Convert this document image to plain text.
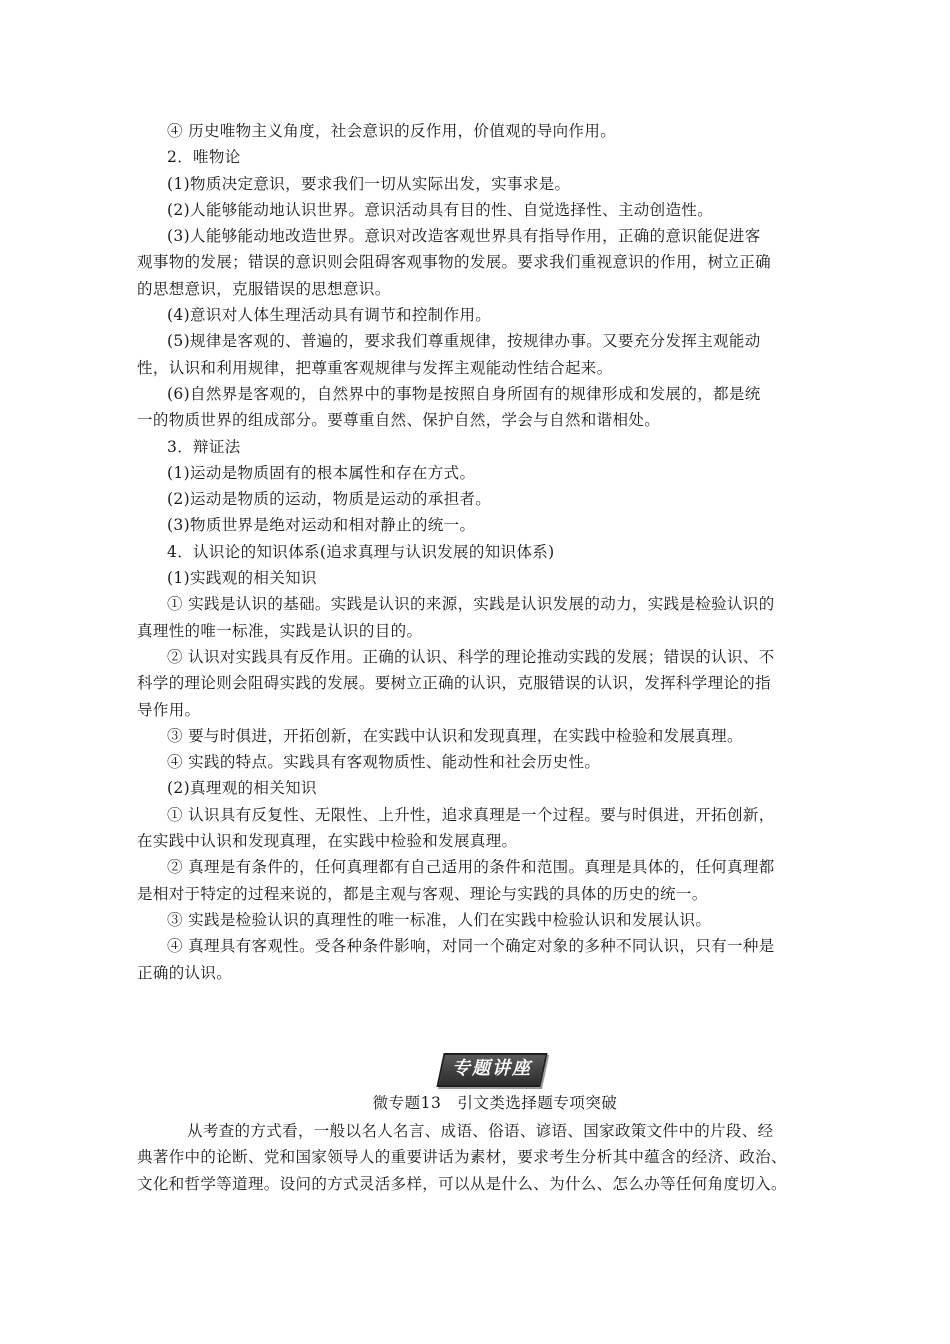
④ 历史唯物主义角度，社会意识的反作用，价值观的导向作用。
2．唯物论
(1)物质决定意识，要求我们一切从实际出发，实事求是。
(2)人能够能动地认识世界。意识活动具有目的性、自觉选择性、主动创造性。
(3)人能够能动地改造世界。意识对改造客观世界具有指导作用，正确的意识能促进客
观事物的发展；错误的意识则会阻碍客观事物的发展。要求我们重视意识的作用，树立正确
的思想意识，克服错误的思想意识。
(4)意识对人体生理活动具有调节和控制作用。
(5)规律是客观的、普遍的，要求我们尊重规律，按规律办事。又要充分发挥主观能动
性，认识和利用规律，把尊重客观规律与发挥主观能动性结合起来。
(6)自然界是客观的，自然界中的事物是按照自身所固有的规律形成和发展的，都是统
一的物质世界的组成部分。要尊重自然、保护自然，学会与自然和谐相处。
3．辩证法
(1)运动是物质固有的根本属性和存在方式。
(2)运动是物质的运动，物质是运动的承担者。
(3)物质世界是绝对运动和相对静止的统一。
4．认识论的知识体系(追求真理与认识发展的知识体系)
(1)实践观的相关知识
① 实践是认识的基础。实践是认识的来源，实践是认识发展的动力，实践是检验认识的
真理性的唯一标准，实践是认识的目的。
② 认识对实践具有反作用。正确的认识、科学的理论推动实践的发展；错误的认识、不
科学的理论则会阻碍实践的发展。要树立正确的认识，克服错误的认识，发挥科学理论的指
导作用。
③ 要与时俱进，开拓创新，在实践中认识和发现真理，在实践中检验和发展真理。
④ 实践的特点。实践具有客观物质性、能动性和社会历史性。
(2)真理观的相关知识
① 认识具有反复性、无限性、上升性，追求真理是一个过程。要与时俱进，开拓创新，
在实践中认识和发现真理，在实践中检验和发展真理。
② 真理是有条件的，任何真理都有自己适用的条件和范围。真理是具体的，任何真理都
是相对于特定的过程来说的，都是主观与客观、理论与实践的具体的历史的统一。
③ 实践是检验认识的真理性的唯一标准，人们在实践中检验认识和发展认识。
④ 真理具有客观性。受各种条件影响，对同一个确定对象的多种不同认识，只有一种是
正确的认识。
专题讲座
微专题13　引文类选择题专项突破
从考查的方式看，一般以名人名言、成语、俗语、谚语、国家政策文件中的片段、经
典著作中的论断、党和国家领导人的重要讲话为素材，要求考生分析其中蕴含的经济、政治、
文化和哲学等道理。设问的方式灵活多样，可以从是什么、为什么、怎么办等任何角度切入。
